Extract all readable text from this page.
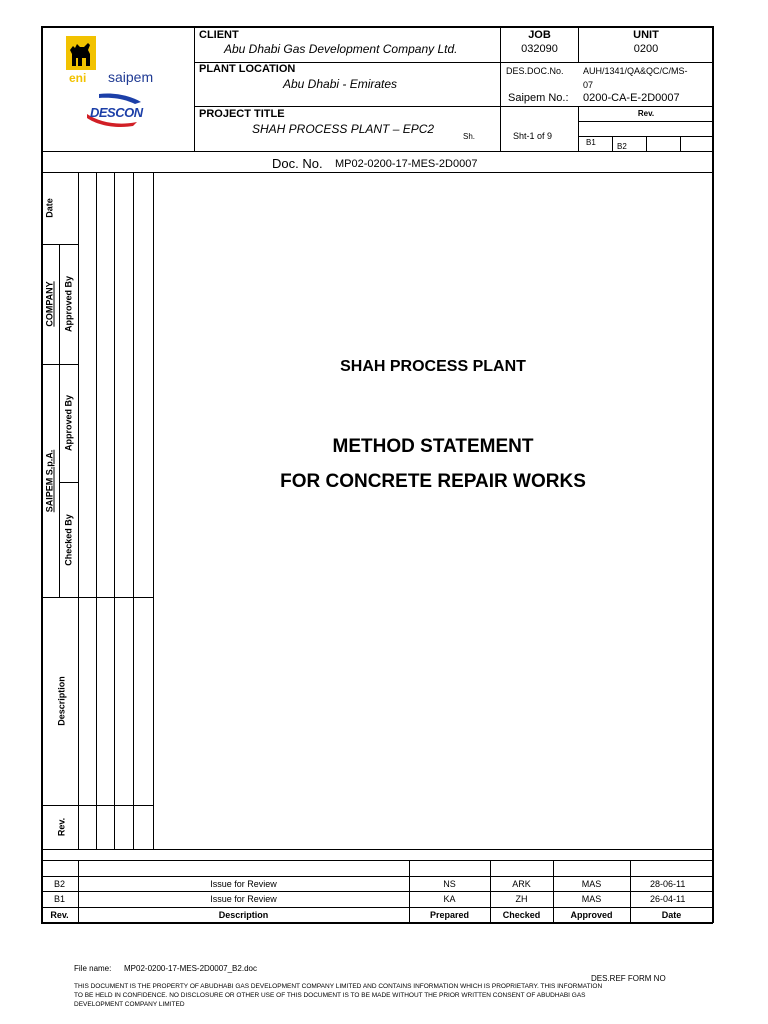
CLIENT
Abu Dhabi Gas Development Company Ltd.
PLANT LOCATION
Abu Dhabi - Emirates
PROJECT TITLE
SHAH PROCESS PLANT – EPC2
Sh.
JOB
032090
UNIT
0200
DES.DOC.No. AUH/1341/QA&QC/C/MS-
07
Saipem No.: 0200-CA-E-2D0007
Sht-1 of 9
Rev.
B1	B2
eni saipem
DESCON
Doc. No. MP02-0200-17-MES-2D0007
Date
COMPANY Approved By
SAIPEM S.p.A.
Approved By
Checked By
Description
Rev.
SHAH PROCESS PLANT
METHOD STATEMENT
FOR CONCRETE REPAIR WORKS
B2	Issue for Review	NS	ARK	MAS	28-06-11
B1	Issue for Review	KA	ZH	MAS	26-04-11
Rev.	Description	Prepared	Checked	Approved	Date
File name: MP02-0200-17-MES-2D0007_B2.doc
DES.REF FORM NO
THIS DOCUMENT IS THE PROPERTY OF ABUDHABI GAS DEVELOPMENT COMPANY LIMITED AND CONTAINS INFORMATION WHICH IS PROPRIETARY. THIS INFORMATION
TO BE HELD IN CONFIDENCE. NO DISCLOSURE OR OTHER USE OF THIS DOCUMENT IS TO BE MADE WITHOUT THE PRIOR WRITTEN CONSENT OF ABUDHABI GAS
DEVELOPMENT COMPANY LIMITED
